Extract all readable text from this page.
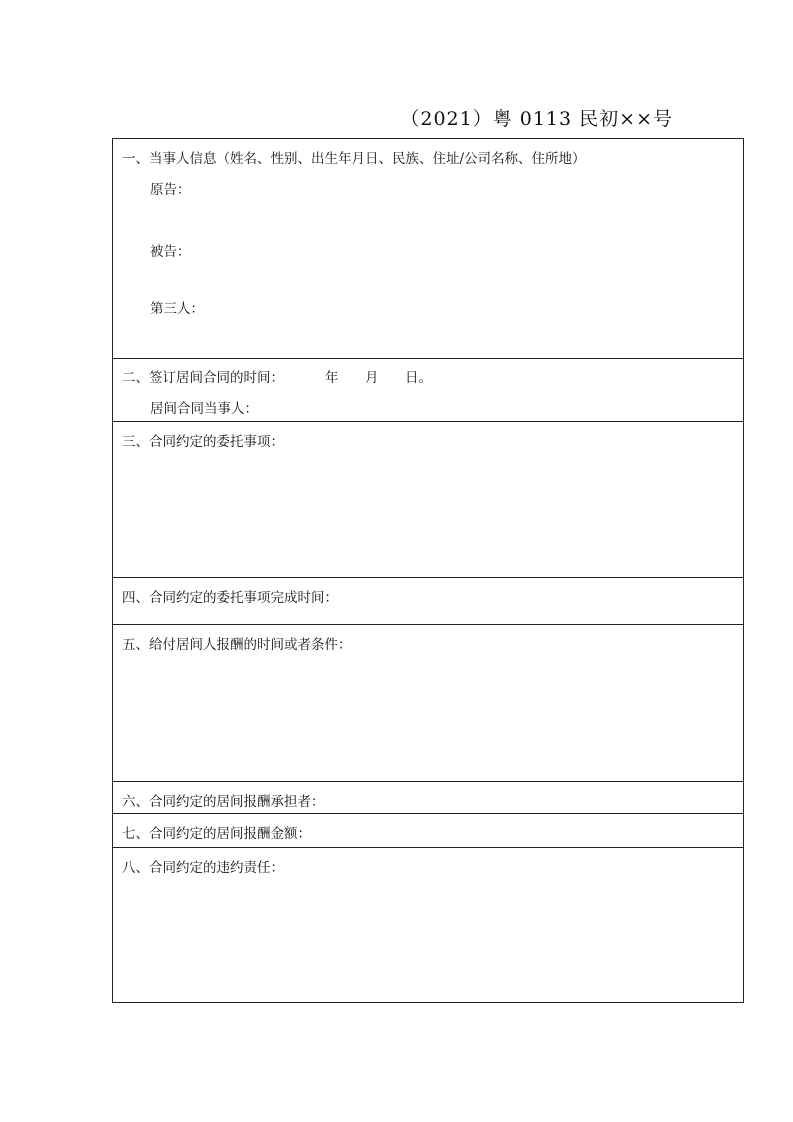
（2021）粤 0113 民初××号
一、当事人信息（姓名、性别、出生年月日、民族、住址/公司名称、住所地）
原告：
被告：
第三人：
二、签订居间合同的时间：	年 月 日。
居间合同当事人：
三、合同约定的委托事项：
四、合同约定的委托事项完成时间：
五、给付居间人报酬的时间或者条件：
六、合同约定的居间报酬承担者：
七、合同约定的居间报酬金额：
八、合同约定的违约责任：
